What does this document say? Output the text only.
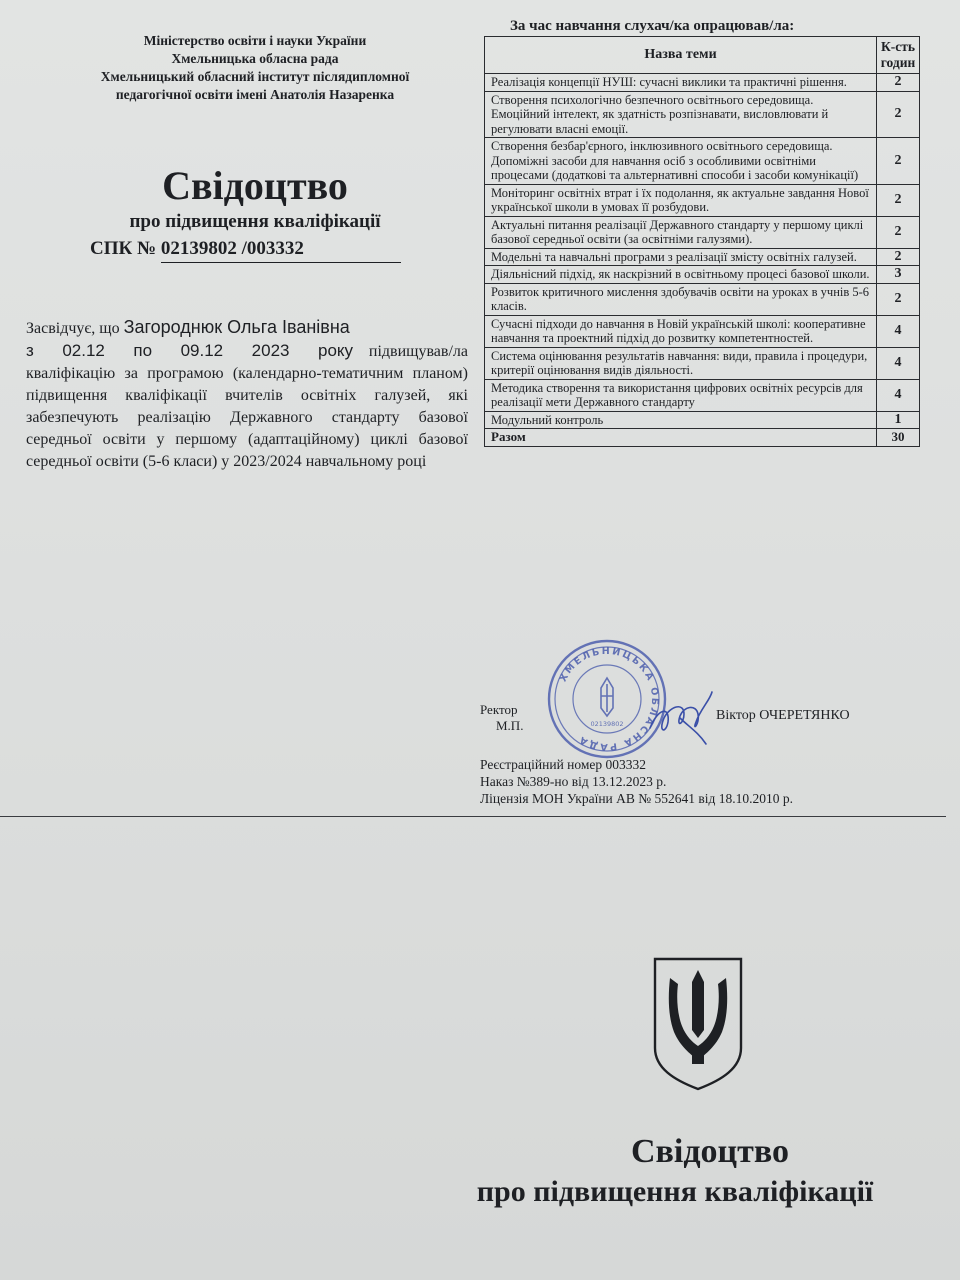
Міністерство освіти і науки України
Хмельницька обласна рада
Хмельницький обласний інститут післядипломної
педагогічної освіти імені Анатолія Назаренка
Свідоцтво
про підвищення кваліфікації
СПК № 02139802 /003332
Засвідчує, що Загороднюк Ольга Іванівна
з 02.12 по 09.12 2023 року підвищував/ла кваліфікацію за програмою (календарно-тематичним планом) підвищення кваліфікації вчителів освітніх галузей, які забезпечують реалізацію Державного стандарту базової середньої освіти у першому (адаптаційному) циклі базової середньої освіти (5-6 класи) у 2023/2024 навчальному році
За час навчання слухач/ка опрацював/ла:
Назва теми	К-сть годин
Реалізація концепції НУШ: сучасні виклики та практичні рішення.	2
Створення психологічно безпечного освітнього середовища. Емоційний інтелект, як здатність розпізнавати, висловлювати й регулювати власні емоції.	2
Створення безбар'єрного, інклюзивного освітнього середовища. Допоміжні засоби для навчання осіб з особливими освітніми процесами (додаткові та альтернативні способи і засоби комунікації)	2
Моніторинг освітніх втрат і їх подолання, як актуальне завдання Нової української школи в умовах її розбудови.	2
Актуальні питання реалізації Державного стандарту у першому циклі базової середньої освіти (за освітніми галузями).	2
Модельні та навчальні програми з реалізації змісту освітніх галузей.	2
Діяльнісний підхід, як наскрізний в освітньому процесі базової школи.	3
Розвиток критичного мислення здобувачів освіти на уроках в учнів 5-6 класів.	2
Сучасні підходи до навчання в Новій українській школі: кооперативне навчання та проектний підхід до розвитку компетентностей.	4
Система оцінювання результатів навчання: види, правила і процедури, критерії оцінювання видів діяльності.	4
Методика створення та використання цифрових освітніх ресурсів для реалізації мети Державного стандарту	4
Модульний контроль	1
Разом	30
Ректор
М.П.
ХМЕЛЬНИЦЬКА ОБЛАСНА РАДА
02139802
Віктор ОЧЕРЕТЯНКО
Реєстраційний номер 003332
Наказ №389-но від 13.12.2023 р.
Ліцензія МОН України АВ № 552641 від 18.10.2010 р.
Свідоцтво
про підвищення кваліфікації
